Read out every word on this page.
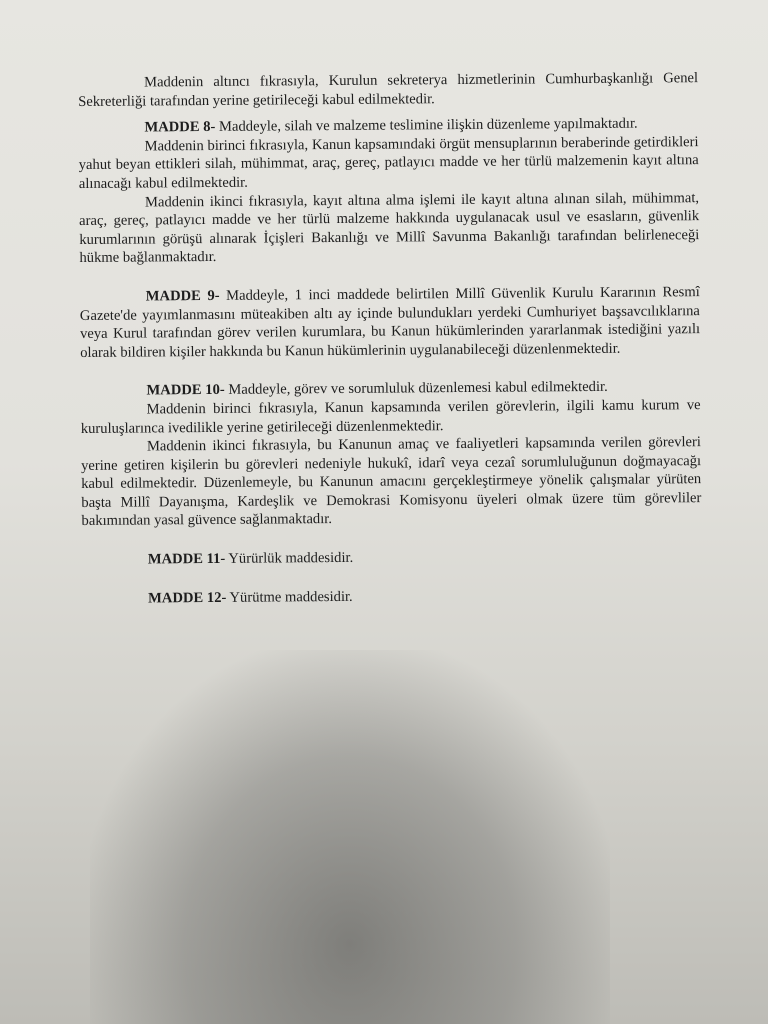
Maddenin altıncı fıkrasıyla, Kurulun sekreterya hizmetlerinin Cumhurbaşkanlığı Genel Sekreterliği tarafından yerine getirileceği kabul edilmektedir.

MADDE 8- Maddeyle, silah ve malzeme teslimine ilişkin düzenleme yapılmaktadır.

Maddenin birinci fıkrasıyla, Kanun kapsamındaki örgüt mensuplarının beraberinde getirdikleri yahut beyan ettikleri silah, mühimmat, araç, gereç, patlayıcı madde ve her türlü malzemenin kayıt altına alınacağı kabul edilmektedir.

Maddenin ikinci fıkrasıyla, kayıt altına alma işlemi ile kayıt altına alınan silah, mühimmat, araç, gereç, patlayıcı madde ve her türlü malzeme hakkında uygulanacak usul ve esasların, güvenlik kurumlarının görüşü alınarak İçişleri Bakanlığı ve Millî Savunma Bakanlığı tarafından belirleneceği hükme bağlanmaktadır.

MADDE 9- Maddeyle, 1 inci maddede belirtilen Millî Güvenlik Kurulu Kararının Resmî Gazete'de yayımlanmasını müteakiben altı ay içinde bulundukları yerdeki Cumhuriyet başsavcılıklarına veya Kurul tarafından görev verilen kurumlara, bu Kanun hükümlerinden yararlanmak istediğini yazılı olarak bildiren kişiler hakkında bu Kanun hükümlerinin uygulanabileceği düzenlenmektedir.

MADDE 10- Maddeyle, görev ve sorumluluk düzenlemesi kabul edilmektedir.

Maddenin birinci fıkrasıyla, Kanun kapsamında verilen görevlerin, ilgili kamu kurum ve kuruluşlarınca ivedilikle yerine getirileceği düzenlenmektedir.

Maddenin ikinci fıkrasıyla, bu Kanunun amaç ve faaliyetleri kapsamında verilen görevleri yerine getiren kişilerin bu görevleri nedeniyle hukukî, idarî veya cezaî sorumluluğunun doğmayacağı kabul edilmektedir. Düzenlemeyle, bu Kanunun amacını gerçekleştirmeye yönelik çalışmalar yürüten başta Millî Dayanışma, Kardeşlik ve Demokrasi Komisyonu üyeleri olmak üzere tüm görevliler bakımından yasal güvence sağlanmaktadır.

MADDE 11- Yürürlük maddesidir.

MADDE 12- Yürütme maddesidir.
